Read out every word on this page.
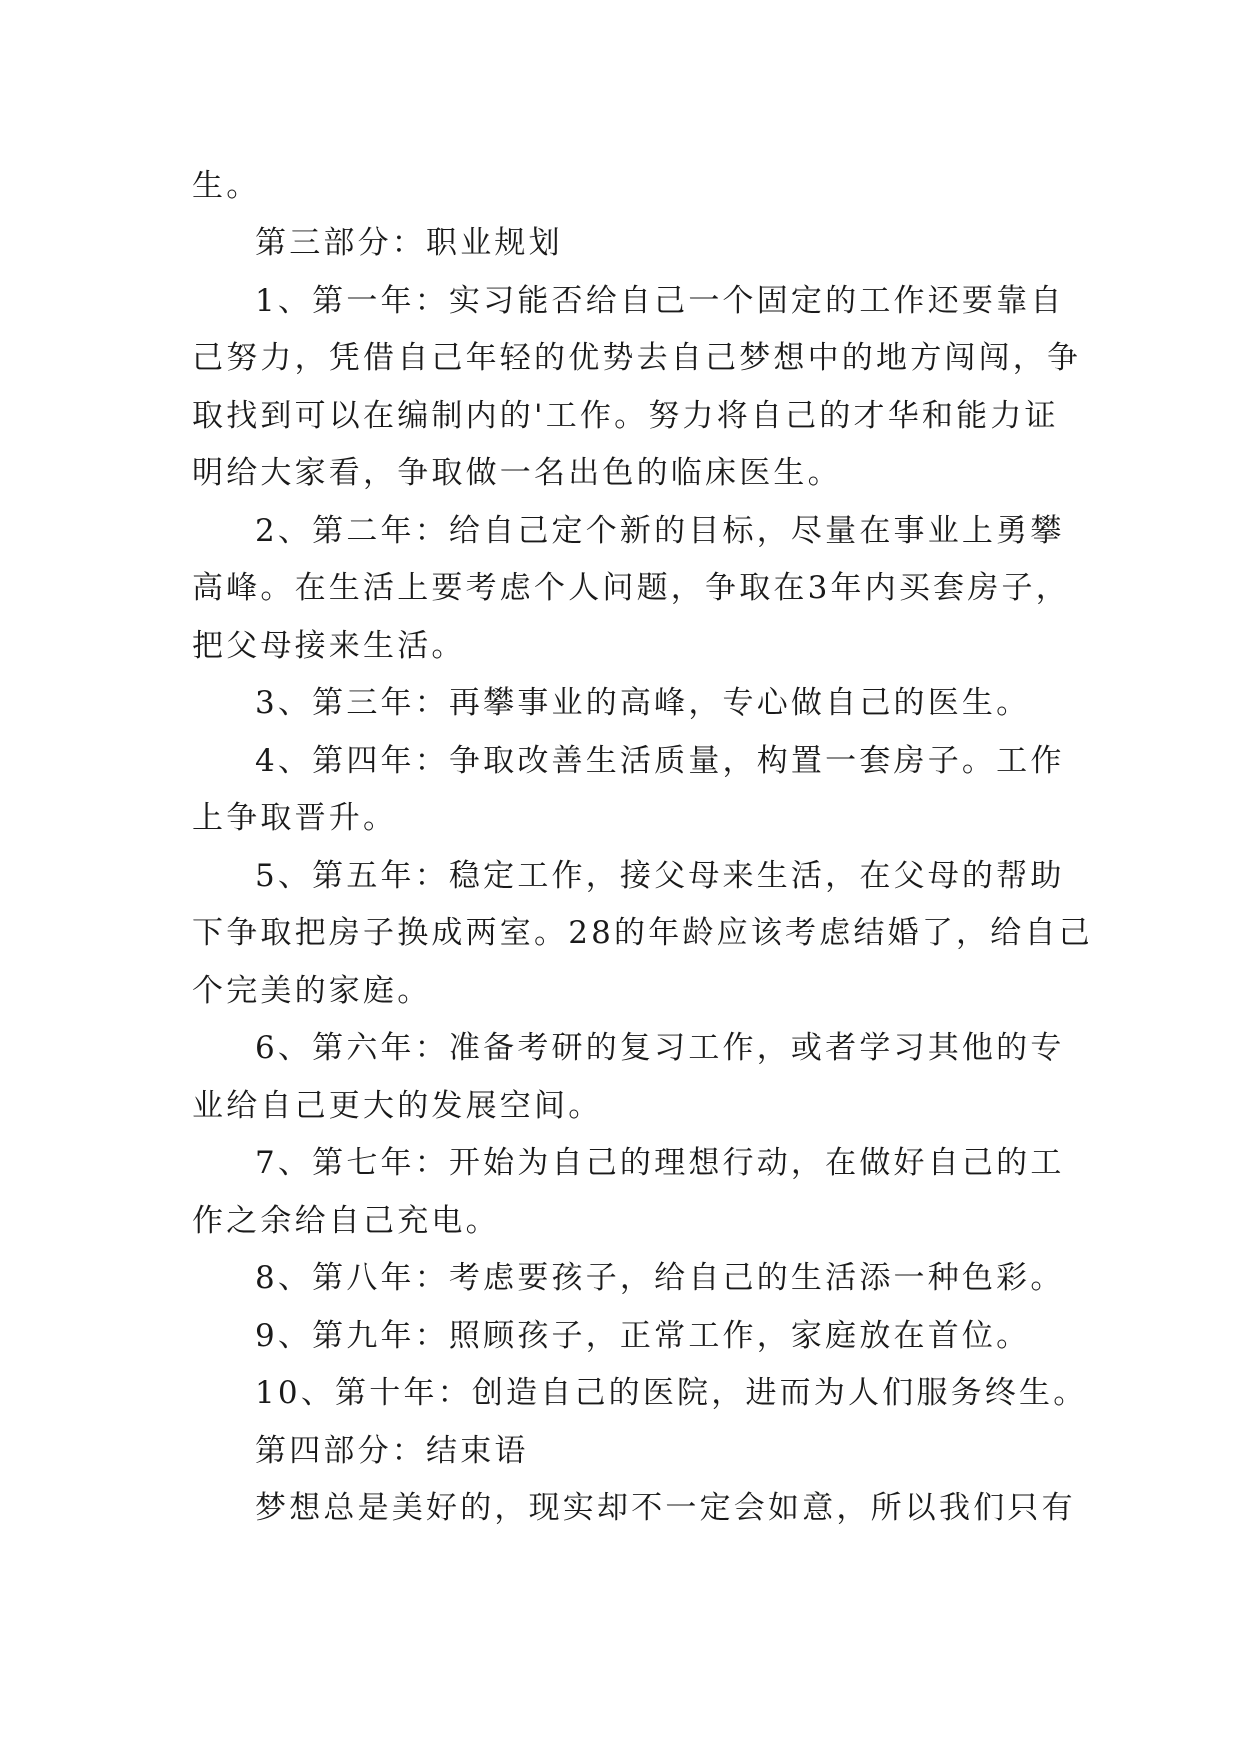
生。
第三部分：职业规划
1、第一年：实习能否给自己一个固定的工作还要靠自
己努力，凭借自己年轻的优势去自己梦想中的地方闯闯，争
取找到可以在编制内的'工作。努力将自己的才华和能力证
明给大家看，争取做一名出色的临床医生。
2、第二年：给自己定个新的目标，尽量在事业上勇攀
高峰。在生活上要考虑个人问题，争取在3年内买套房子，
把父母接来生活。
3、第三年：再攀事业的高峰，专心做自己的医生。
4、第四年：争取改善生活质量，构置一套房子。工作
上争取晋升。
5、第五年：稳定工作，接父母来生活，在父母的帮助
下争取把房子换成两室。28的年龄应该考虑结婚了，给自己
个完美的家庭。
6、第六年：准备考研的复习工作，或者学习其他的专
业给自己更大的发展空间。
7、第七年：开始为自己的理想行动，在做好自己的工
作之余给自己充电。
8、第八年：考虑要孩子，给自己的生活添一种色彩。
9、第九年：照顾孩子，正常工作，家庭放在首位。
10、第十年：创造自己的医院，进而为人们服务终生。
第四部分：结束语
梦想总是美好的，现实却不一定会如意，所以我们只有
